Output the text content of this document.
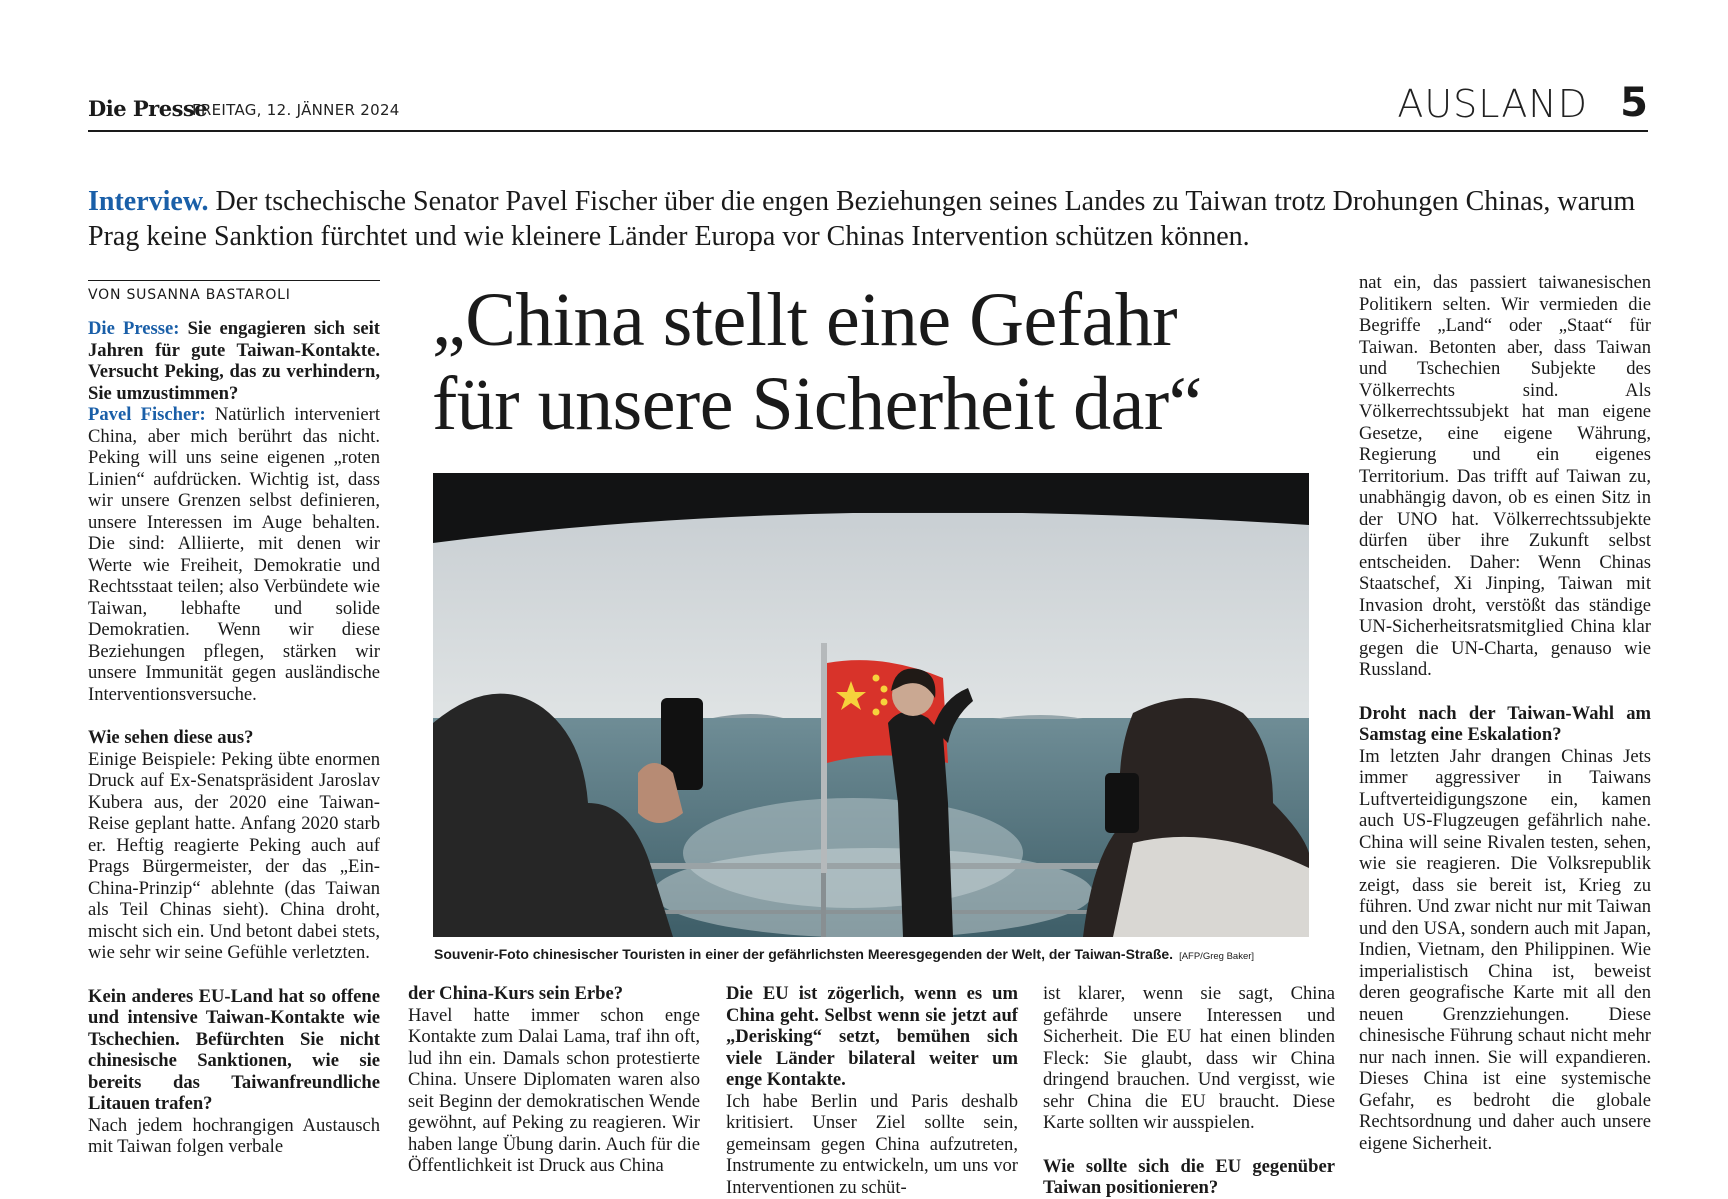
Die Presse
FREITAG, 12. JÄNNER 2024	AUSLAND 5
Interview. Der tschechische Senator Pavel Fischer über die engen Beziehungen seines Landes zu Taiwan trotz Drohungen Chinas, warum Prag keine Sanktion fürchtet und wie kleinere Länder Europa vor Chinas Intervention schützen können.
VON SUSANNA BASTAROLI

Die Presse: Sie engagieren sich seit Jahren für gute Taiwan-Kontakte. Versucht Peking, das zu verhindern, Sie umzustimmen?

Pavel Fischer: Natürlich interveniert China, aber mich berührt das nicht. Peking will uns seine eigenen „roten Linien“ aufdrücken. Wichtig ist, dass wir unsere Grenzen selbst definieren, unsere Interessen im Auge behalten. Die sind: Alliierte, mit denen wir Werte wie Freiheit, Demokratie und Rechtsstaat teilen; also Verbündete wie Taiwan, lebhafte und solide Demokratien. Wenn wir diese Beziehungen pflegen, stärken wir unsere Immunität gegen ausländische Interventionsversuche.

Wie sehen diese aus?

Einige Beispiele: Peking übte enormen Druck auf Ex-Senatspräsident Jaroslav Kubera aus, der 2020 eine Taiwan-Reise geplant hatte. Anfang 2020 starb er. Heftig reagierte Peking auch auf Prags Bürgermeister, der das „Ein-China-Prinzip“ ablehnte (das Taiwan als Teil Chinas sieht). China droht, mischt sich ein. Und betont dabei stets, wie sehr wir seine Gefühle verletzten.

Kein anderes EU-Land hat so offene und intensive Taiwan-Kontakte wie Tschechien. Befürchten Sie nicht chinesische Sanktionen, wie sie bereits das Taiwanfreundliche Litauen trafen?

Nach jedem hochrangigen Austausch mit Taiwan folgen verbale

„China stellt eine Gefahr
für unsere Sicherheit dar“
Souvenir-Foto chinesischer Touristen in einer der gefährlichsten Meeresgegenden der Welt, der Taiwan-Straße. [AFP/Greg Baker]

der China-Kurs sein Erbe?

Havel hatte immer schon enge Kontakte zum Dalai Lama, traf ihn oft, lud ihn ein. Damals schon protestierte China. Unsere Diplomaten waren also seit Beginn der demokratischen Wende gewöhnt, auf Peking zu reagieren. Wir haben lange Übung darin. Auch für die Öffentlichkeit ist Druck aus China

Die EU ist zögerlich, wenn es um China geht. Selbst wenn sie jetzt auf „Derisking“ setzt, bemühen sich viele Länder bilateral weiter um enge Kontakte.

Ich habe Berlin und Paris deshalb kritisiert. Unser Ziel sollte sein, gemeinsam gegen China aufzutreten, Instrumente zu entwickeln, um uns vor Interventionen zu schüt-

ist klarer, wenn sie sagt, China gefährde unsere Interessen und Sicherheit. Die EU hat einen blinden Fleck: Sie glaubt, dass wir China dringend brauchen. Und vergisst, wie sehr China die EU braucht. Diese Karte sollten wir ausspielen.

Wie sollte sich die EU gegenüber Taiwan positionieren?

nat ein, das passiert taiwanesischen Politikern selten. Wir vermieden die Begriffe „Land“ oder „Staat“ für Taiwan. Betonten aber, dass Taiwan und Tschechien Subjekte des Völkerrechts sind. Als Völkerrechtssubjekt hat man eigene Gesetze, eine eigene Währung, Regierung und ein eigenes Territorium. Das trifft auf Taiwan zu, unabhängig davon, ob es einen Sitz in der UNO hat. Völkerrechtssubjekte dürfen über ihre Zukunft selbst entscheiden. Daher: Wenn Chinas Staatschef, Xi Jinping, Taiwan mit Invasion droht, verstößt das ständige UN-Sicherheitsratsmitglied China klar gegen die UN-Charta, genauso wie Russland.

Droht nach der Taiwan-Wahl am Samstag eine Eskalation?

Im letzten Jahr drangen Chinas Jets immer aggressiver in Taiwans Luftverteidigungszone ein, kamen auch US-Flugzeugen gefährlich nahe. China will seine Rivalen testen, sehen, wie sie reagieren. Die Volksrepublik zeigt, dass sie bereit ist, Krieg zu führen. Und zwar nicht nur mit Taiwan und den USA, sondern auch mit Japan, Indien, Vietnam, den Philippinen. Wie imperialistisch China ist, beweist deren geografische Karte mit all den neuen Grenzziehungen. Diese chinesische Führung schaut nicht mehr nur nach innen. Sie will expandieren. Dieses China ist eine systemische Gefahr, es bedroht die globale Rechtsordnung und daher auch unsere eigene Sicherheit.
